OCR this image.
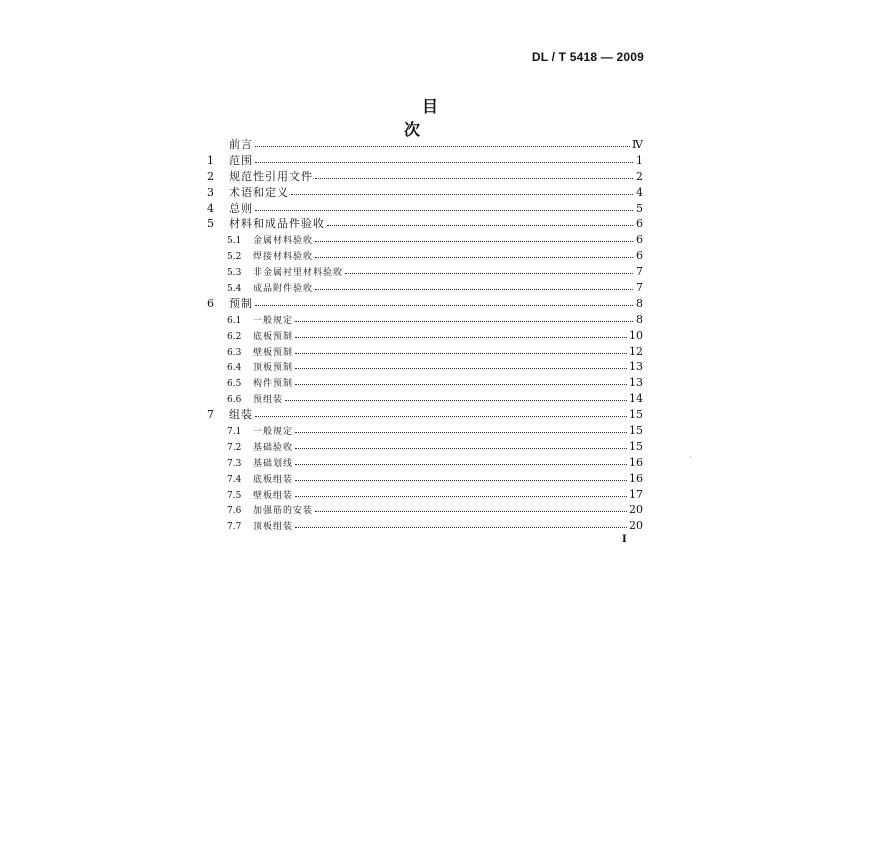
DL / T 5418 — 2009
目 次
前言	Ⅳ
1	范围	1
2	规范性引用文件	2
3	术语和定义	4
4	总则	5
5	材料和成品件验收	6
5.1	金属材料验收	6
5.2	焊接材料验收	6
5.3	非金属衬里材料验收	7
5.4	成品附件验收	7
6	预制	8
6.1	一般规定	8
6.2	底板预制	10
6.3	壁板预制	12
6.4	顶板预制	13
6.5	构件预制	13
6.6	预组装	14
7	组装	15
7.1	一般规定	15
7.2	基础验收	15
7.3	基础划线	16
7.4	底板组装	16
7.5	壁板组装	17
7.6	加强筋的安装	20
7.7	顶板组装	20
I
